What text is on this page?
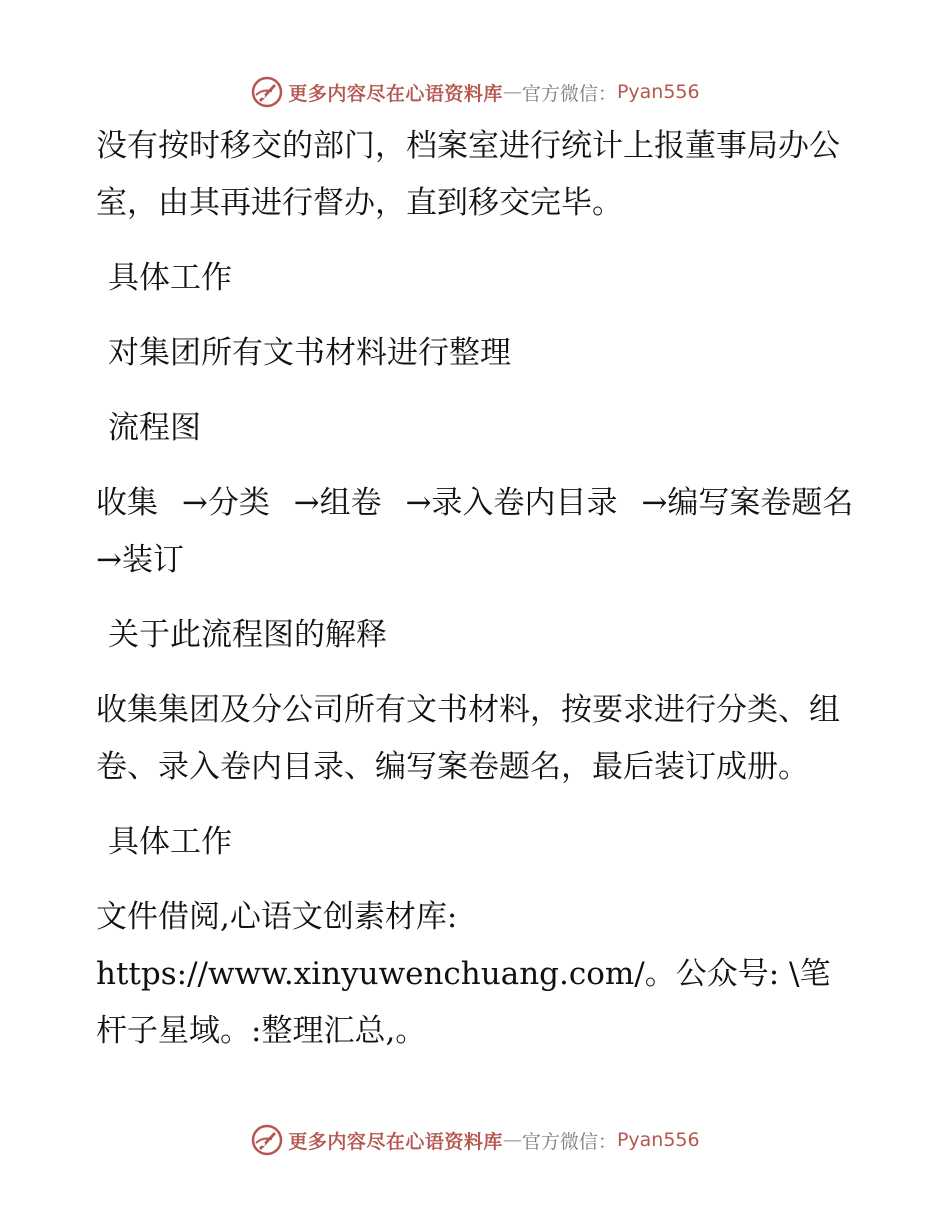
更多内容尽在心语资料库 — 官方微信： Pyan556

没有按时移交的部门，档案室进行统计上报董事局办公室，由其再进行督办，直到移交完毕。

具体工作

对集团所有文书材料进行整理

流程图

收集 →分类 →组卷 →录入卷内目录 →编写案卷题名→装订

关于此流程图的解释

收集集团及分公司所有文书材料，按要求进行分类、组卷、录入卷内目录、编写案卷题名，最后装订成册。

具体工作

文件借阅,心语文创素材库: https://www.xinyuwenchuang.com/。公众号: \笔杆子星域。:整理汇总,。

更多内容尽在心语资料库 — 官方微信： Pyan556
